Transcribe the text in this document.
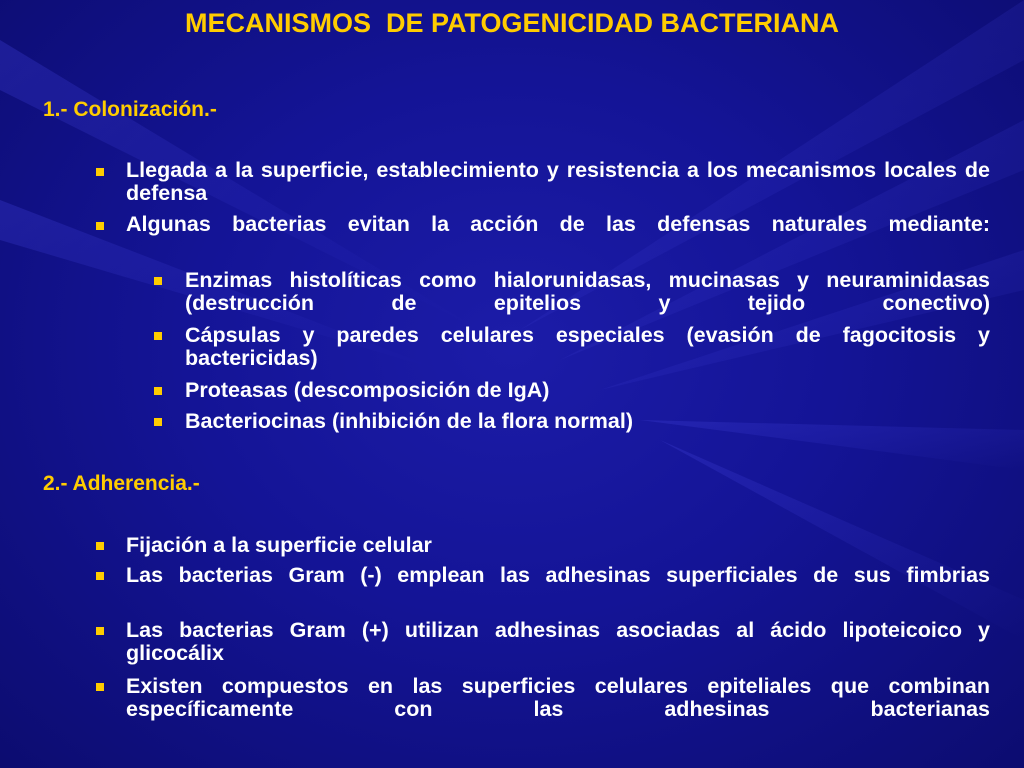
MECANISMOS  DE PATOGENICIDAD BACTERIANA
1.- Colonización.-
Llegada a la superficie, establecimiento y resistencia a los mecanismos locales de defensa
Algunas bacterias evitan la acción de las defensas naturales mediante:
Enzimas histolíticas como hialorunidasas, mucinasas y neuraminidasas (destrucción de epitelios y tejido conectivo)
Cápsulas y paredes celulares especiales (evasión de fagocitosis y bactericidas)
Proteasas (descomposición de IgA)
Bacteriocinas (inhibición de la flora normal)
2.- Adherencia.-
Fijación a la superficie celular
Las bacterias Gram (-) emplean las adhesinas superficiales de sus fimbrias
Las bacterias Gram (+) utilizan adhesinas asociadas al ácido lipoteicoico y glicocálix
Existen compuestos en las superficies celulares epiteliales que combinan específicamente con las adhesinas bacterianas
